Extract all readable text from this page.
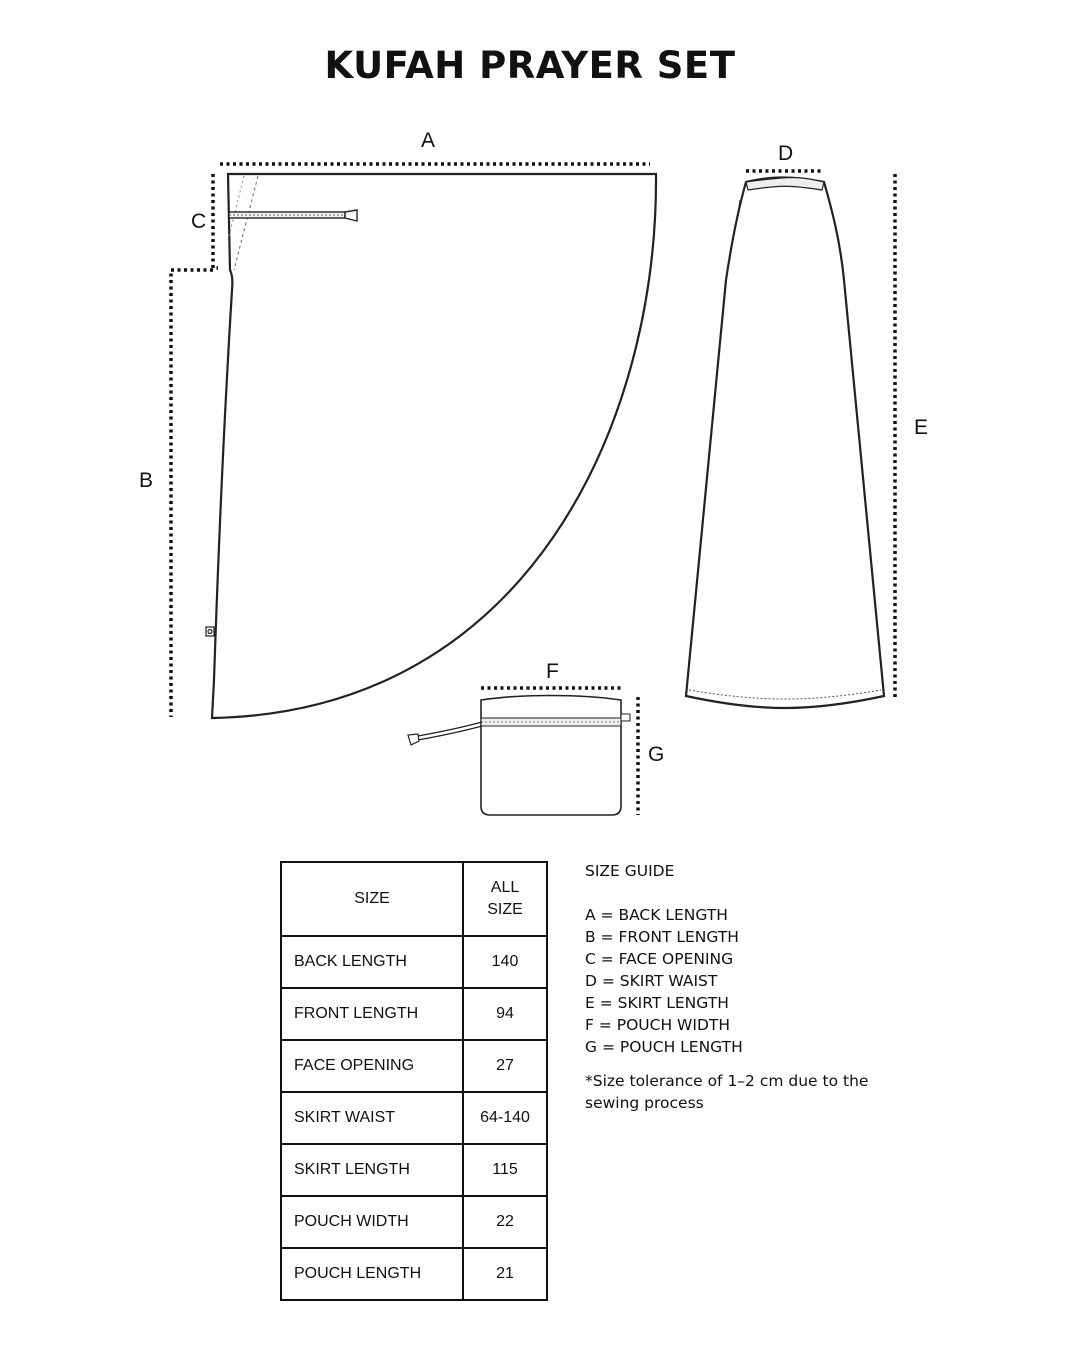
KUFAH PRAYER SET
A
C
B
D
E
F
G
SIZE	ALL
SIZE

BACK LENGTH	140
FRONT LENGTH	94
FACE OPENING	27
SKIRT WAIST	64-140
SKIRT LENGTH	115
POUCH WIDTH	22
POUCH LENGTH	21
SIZE GUIDE
A = BACK LENGTH
B = FRONT LENGTH
C = FACE OPENING
D = SKIRT WAIST
E = SKIRT LENGTH
F = POUCH WIDTH
G = POUCH LENGTH
*Size tolerance of 1–2 cm due to the sewing process
